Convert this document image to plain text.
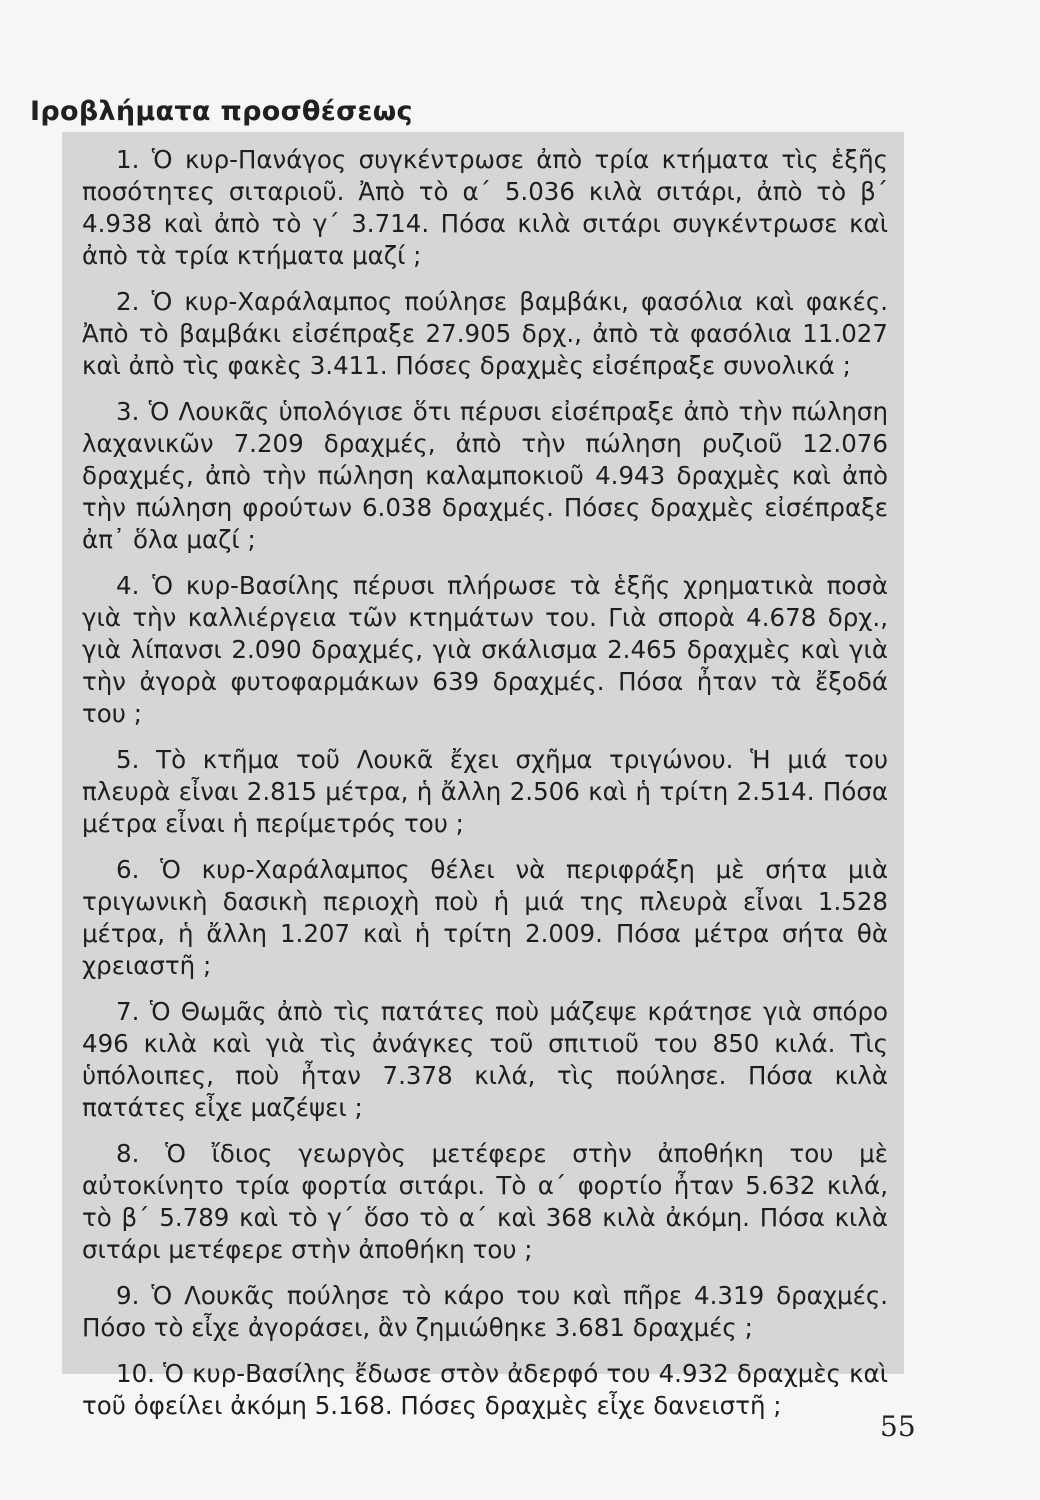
Ιροβλήματα προσθέσεως

1. Ὁ κυρ-Πανάγος συγκέντρωσε ἀπὸ τρία κτήματα τὶς ἑξῆς ποσότητες σιταριοῦ. Ἀπὸ τὸ α΄ 5.036 κιλὰ σιτάρι, ἀπὸ τὸ β΄ 4.938 καὶ ἀπὸ τὸ γ΄ 3.714. Πόσα κιλὰ σιτάρι συγκέντρωσε καὶ ἀπὸ τὰ τρία κτήματα μαζί ;

2. Ὁ κυρ-Χαράλαμπος πούλησε βαμβάκι, φασόλια καὶ φακές. Ἀπὸ τὸ βαμβάκι εἰσέπραξε 27.905 δρχ., ἀπὸ τὰ φασόλια 11.027 καὶ ἀπὸ τὶς φακὲς 3.411. Πόσες δραχμὲς εἰσέπραξε συνολικά ;

3. Ὁ Λουκᾶς ὑπολόγισε ὅτι πέρυσι εἰσέπραξε ἀπὸ τὴν πώληση λαχανικῶν 7.209 δραχμές, ἀπὸ τὴν πώληση ρυζιοῦ 12.076 δραχμές, ἀπὸ τὴν πώληση καλαμποκιοῦ 4.943 δραχμὲς καὶ ἀπὸ τὴν πώληση φρούτων 6.038 δραχμές. Πόσες δραχμὲς εἰσέπραξε ἀπ᾿ ὅλα μαζί ;

4. Ὁ κυρ-Βασίλης πέρυσι πλήρωσε τὰ ἑξῆς χρηματικὰ ποσὰ γιὰ τὴν καλλιέργεια τῶν κτημάτων του. Γιὰ σπορὰ 4.678 δρχ., γιὰ λίπανσι 2.090 δραχμές, γιὰ σκάλισμα 2.465 δραχμὲς καὶ γιὰ τὴν ἀγορὰ φυτοφαρμάκων 639 δραχμές. Πόσα ἦταν τὰ ἔξοδά του ;

5. Τὸ κτῆμα τοῦ Λουκᾶ ἔχει σχῆμα τριγώνου. Ἡ μιά του πλευρὰ εἶναι 2.815 μέτρα, ἡ ἄλλη 2.506 καὶ ἡ τρίτη 2.514. Πόσα μέτρα εἶναι ἡ περίμετρός του ;

6. Ὁ κυρ-Χαράλαμπος θέλει νὰ περιφράξη μὲ σήτα μιὰ τριγωνικὴ δασικὴ περιοχὴ ποὺ ἡ μιά της πλευρὰ εἶναι 1.528 μέτρα, ἡ ἄλλη 1.207 καὶ ἡ τρίτη 2.009. Πόσα μέτρα σήτα θὰ χρειαστῆ ;

7. Ὁ Θωμᾶς ἀπὸ τὶς πατάτες ποὺ μάζεψε κράτησε γιὰ σπόρο 496 κιλὰ καὶ γιὰ τὶς ἀνάγκες τοῦ σπιτιοῦ του 850 κιλά. Τὶς ὑπόλοιπες, ποὺ ἦταν 7.378 κιλά, τὶς πούλησε. Πόσα κιλὰ πατάτες εἶχε μαζέψει ;

8. Ὁ ἴδιος γεωργὸς μετέφερε στὴν ἀποθήκη του μὲ αὐτοκίνητο τρία φορτία σιτάρι. Τὸ α΄ φορτίο ἦταν 5.632 κιλά, τὸ β΄ 5.789 καὶ τὸ γ΄ ὅσο τὸ α΄ καὶ 368 κιλὰ ἀκόμη. Πόσα κιλὰ σιτάρι μετέφερε στὴν ἀποθήκη του ;

9. Ὁ Λουκᾶς πούλησε τὸ κάρο του καὶ πῆρε 4.319 δραχμές. Πόσο τὸ εἶχε ἀγοράσει, ἂν ζημιώθηκε 3.681 δραχμές ;

10. Ὁ κυρ-Βασίλης ἔδωσε στὸν ἀδερφό του 4.932 δραχμὲς καὶ τοῦ ὀφείλει ἀκόμη 5.168. Πόσες δραχμὲς εἶχε δανειστῆ ;

55
